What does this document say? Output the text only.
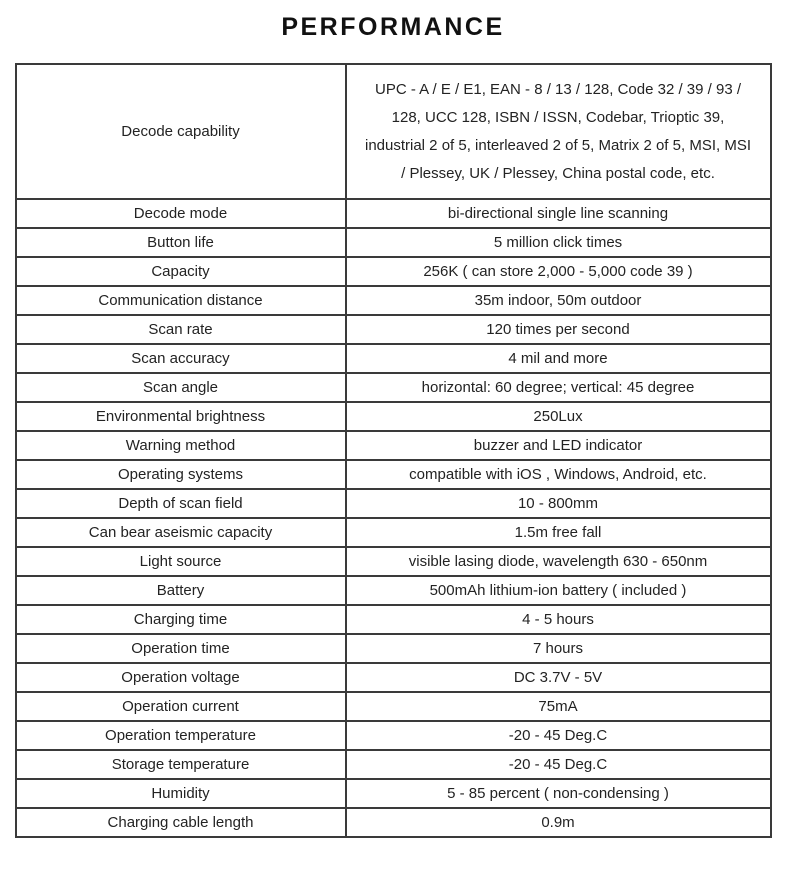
PERFORMANCE
Decode capability	UPC - A / E / E1, EAN - 8 / 13 / 128, Code 32 / 39 / 93 / 128, UCC 128, ISBN / ISSN, Codebar, Trioptic 39, industrial 2 of 5, interleaved 2 of 5, Matrix 2 of 5, MSI, MSI / Plessey, UK / Plessey, China postal code, etc.
Decode mode	bi-directional single line scanning
Button life	5 million click times
Capacity	256K ( can store 2,000 - 5,000 code 39 )
Communication distance	35m indoor, 50m outdoor
Scan rate	120 times per second
Scan accuracy	4 mil and more
Scan angle	horizontal: 60 degree; vertical: 45 degree
Environmental brightness	250Lux
Warning method	buzzer and LED indicator
Operating systems	compatible with iOS , Windows, Android, etc.
Depth of scan field	10 - 800mm
Can bear aseismic capacity	1.5m free fall
Light source	visible lasing diode, wavelength 630 - 650nm
Battery	500mAh lithium-ion battery ( included )
Charging time	4 - 5 hours
Operation time	7 hours
Operation voltage	DC 3.7V - 5V
Operation current	75mA
Operation temperature	-20 - 45 Deg.C
Storage temperature	-20 - 45 Deg.C
Humidity	5 - 85 percent ( non-condensing )
Charging cable length	0.9m
